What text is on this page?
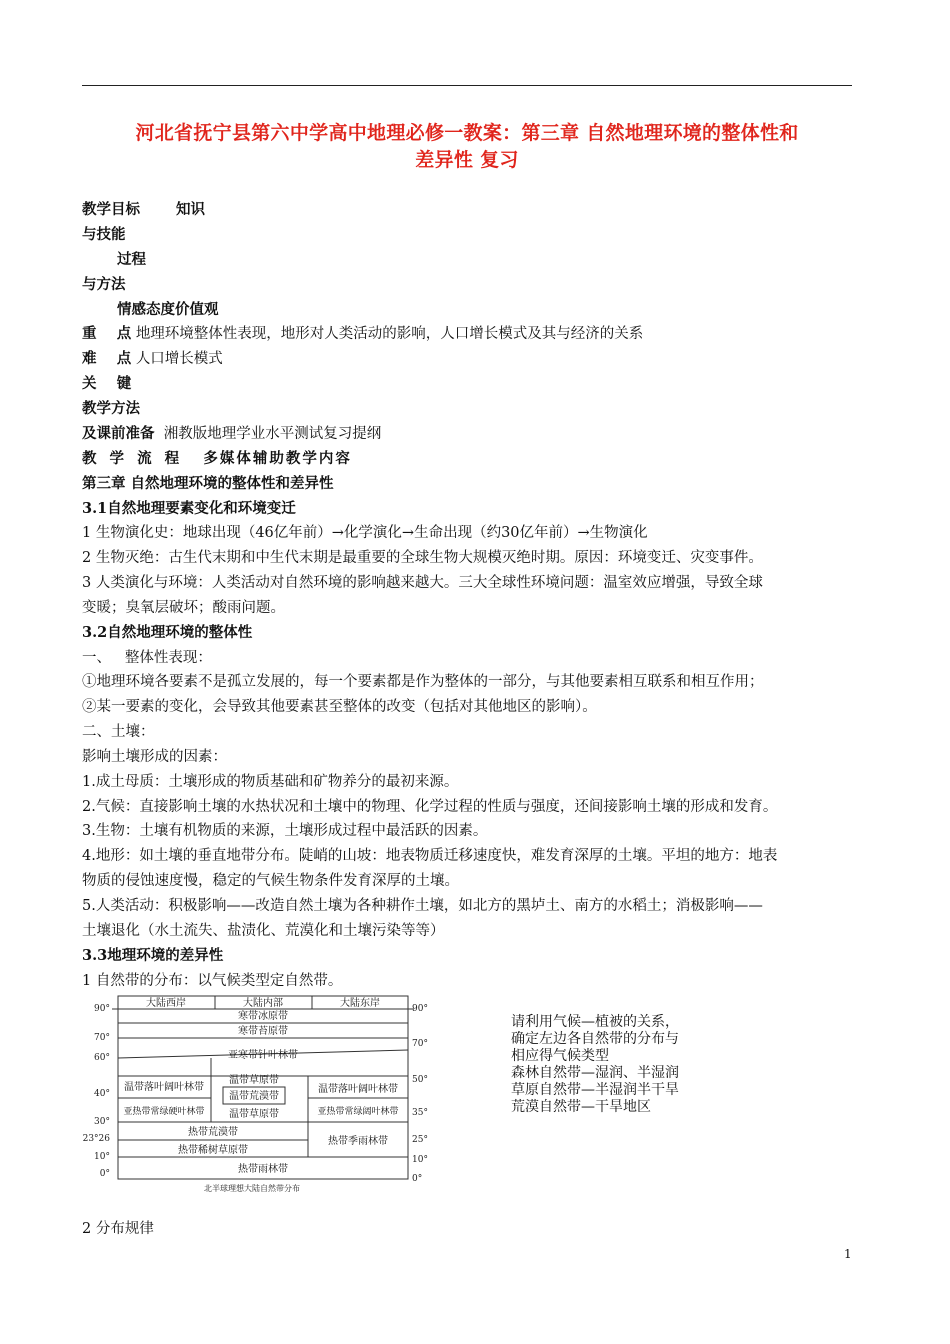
河北省抚宁县第六中学高中地理必修一教案：第三章 自然地理环境的整体性和
差异性 复习
教学目标 知识
与技能
过程
与方法
情感态度价值观
重    点 地理环境整体性表现，地形对人类活动的影响，人口增长模式及其与经济的关系
难    点 人口增长模式
关    键
教学方法
及课前准备 湘教版地理学业水平测试复习提纲
教 学 流 程 多媒体辅助教学内容
第三章 自然地理环境的整体性和差异性
3.1自然地理要素变化和环境变迁
1 生物演化史：地球出现（46亿年前）→化学演化→生命出现（约30亿年前）→生物演化
2 生物灭绝：古生代末期和中生代末期是最重要的全球生物大规模灭绝时期。原因：环境变迁、灾变事件。
3 人类演化与环境：人类活动对自然环境的影响越来越大。三大全球性环境问题：温室效应增强，导致全球
变暖；臭氧层破坏；酸雨问题。
3.2自然地理环境的整体性
一、   整体性表现：
①地理环境各要素不是孤立发展的，每一个要素都是作为整体的一部分，与其他要素相互联系和相互作用；
②某一要素的变化，会导致其他要素甚至整体的改变（包括对其他地区的影响）。
二、土壤：
影响土壤形成的因素：
1.成土母质：土壤形成的物质基础和矿物养分的最初来源。
2.气候：直接影响土壤的水热状况和土壤中的物理、化学过程的性质与强度，还间接影响土壤的形成和发育。
3.生物：土壤有机物质的来源，土壤形成过程中最活跃的因素。
4.地形：如土壤的垂直地带分布。陡峭的山坡：地表物质迁移速度快，难发育深厚的土壤。平坦的地方：地表
物质的侵蚀速度慢，稳定的气候生物条件发育深厚的土壤。
5.人类活动：积极影响——改造自然土壤为各种耕作土壤，如北方的黑垆土、南方的水稻土；消极影响——
土壤退化（水土流失、盐渍化、荒漠化和土壤污染等等）
3.3地理环境的差异性
1 自然带的分布：以气候类型定自然带。
大陆西岸	大陆内部	大陆东岸
寒带冰原带
寒带苔原带
亚寒带针叶林带
温带落叶阔叶林带
温带草原带
温带荒漠带
温带草原带
温带落叶阔叶林带
亚热带常绿硬叶林带	亚热带常绿阔叶林带
热带荒漠带
热带稀树草原带
热带季雨林带
热带雨林带
90°
70°
60°
40°
30°
23°26
10°
0°
90°
70°
50°
35°
25°
10°
0°
北半球理想大陆自然带分布
请利用气候—植被的关系，
确定左边各自然带的分布与
相应得气候类型
森林自然带—湿润、半湿润
草原自然带—半湿润半干旱
荒漠自然带—干旱地区
2 分布规律
1
